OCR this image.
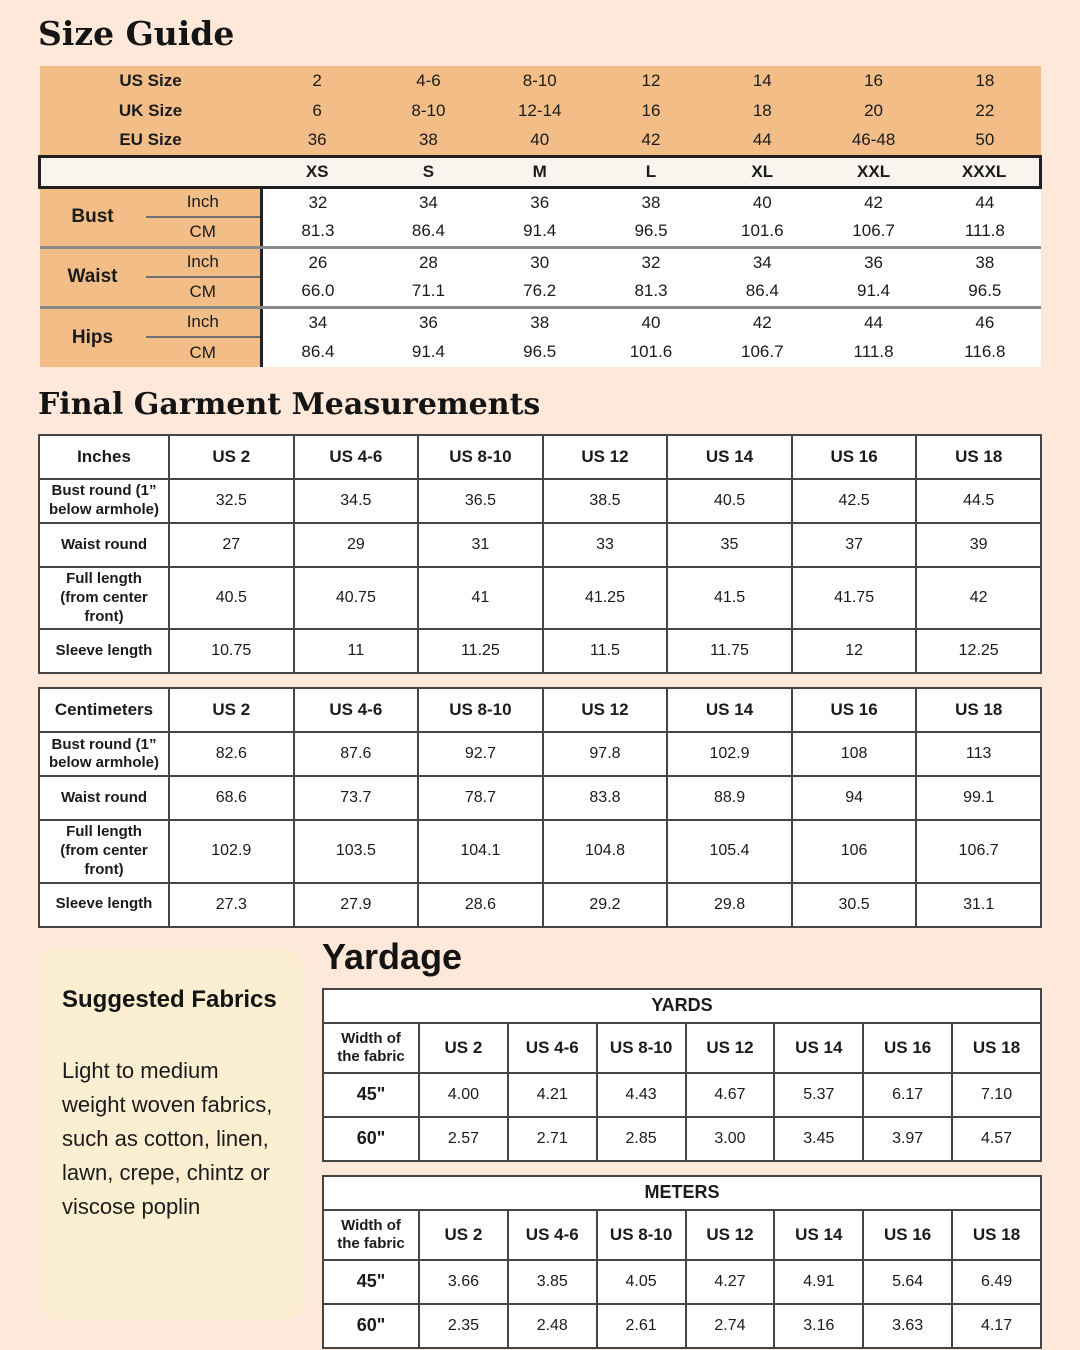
Size Guide
US Size		2	4-6	8-10	12	14	16	18
UK Size		6	8-10	12-14	16	18	20	22
EU Size		36	38	40	42	44	46-48	50
		XS	S	M	L	XL	XXL	XXXL
Bust	Inch	32	34	36	38	40	42	44
	CM	81.3	86.4	91.4	96.5	101.6	106.7	111.8
Waist	Inch	26	28	30	32	34	36	38
	CM	66.0	71.1	76.2	81.3	86.4	91.4	96.5
Hips	Inch	34	36	38	40	42	44	46
	CM	86.4	91.4	96.5	101.6	106.7	111.8	116.8
Final Garment Measurements
Inches	US 2	US 4-6	US 8-10	US 12	US 14	US 16	US 18
Bust round (1” below armhole)	32.5	34.5	36.5	38.5	40.5	42.5	44.5
Waist round	27	29	31	33	35	37	39
Full length (from center front)	40.5	40.75	41	41.25	41.5	41.75	42
Sleeve length	10.75	11	11.25	11.5	11.75	12	12.25
Centimeters	US 2	US 4-6	US 8-10	US 12	US 14	US 16	US 18
Bust round (1” below armhole)	82.6	87.6	92.7	97.8	102.9	108	113
Waist round	68.6	73.7	78.7	83.8	88.9	94	99.1
Full length (from center front)	102.9	103.5	104.1	104.8	105.4	106	106.7
Sleeve length	27.3	27.9	28.6	29.2	29.8	30.5	31.1
Suggested Fabrics

Light to medium weight woven fabrics, such as cotton, linen, lawn, crepe, chintz or viscose poplin

Yardage
YARDS							
Width of the fabric	US 2	US 4-6	US 8-10	US 12	US 14	US 16	US 18
45"	4.00	4.21	4.43	4.67	5.37	6.17	7.10
60"	2.57	2.71	2.85	3.00	3.45	3.97	4.57
METERS							
Width of the fabric	US 2	US 4-6	US 8-10	US 12	US 14	US 16	US 18
45"	3.66	3.85	4.05	4.27	4.91	5.64	6.49
60"	2.35	2.48	2.61	2.74	3.16	3.63	4.17
